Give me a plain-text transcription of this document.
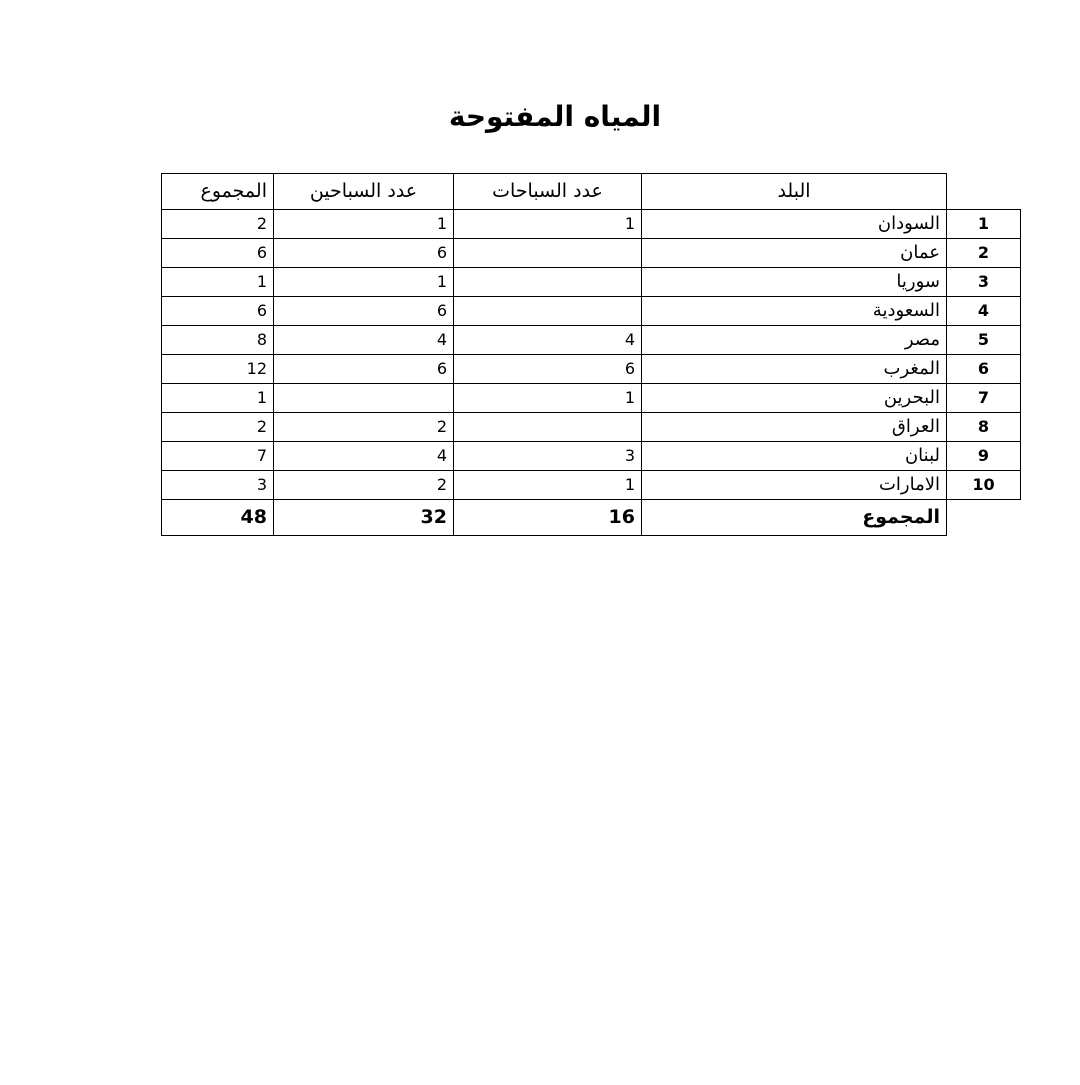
المياه المفتوحة
المجموع	عدد السباحين	عدد السباحات	البلد	
2	1	1	السودان	1
6	6		عمان	2
1	1		سوريا	3
6	6		السعودية	4
8	4	4	مصر	5
12	6	6	المغرب	6
1		1	البحرين	7
2	2		العراق	8
7	4	3	لبنان	9
3	2	1	الامارات	10
48	32	16	المجموع	
